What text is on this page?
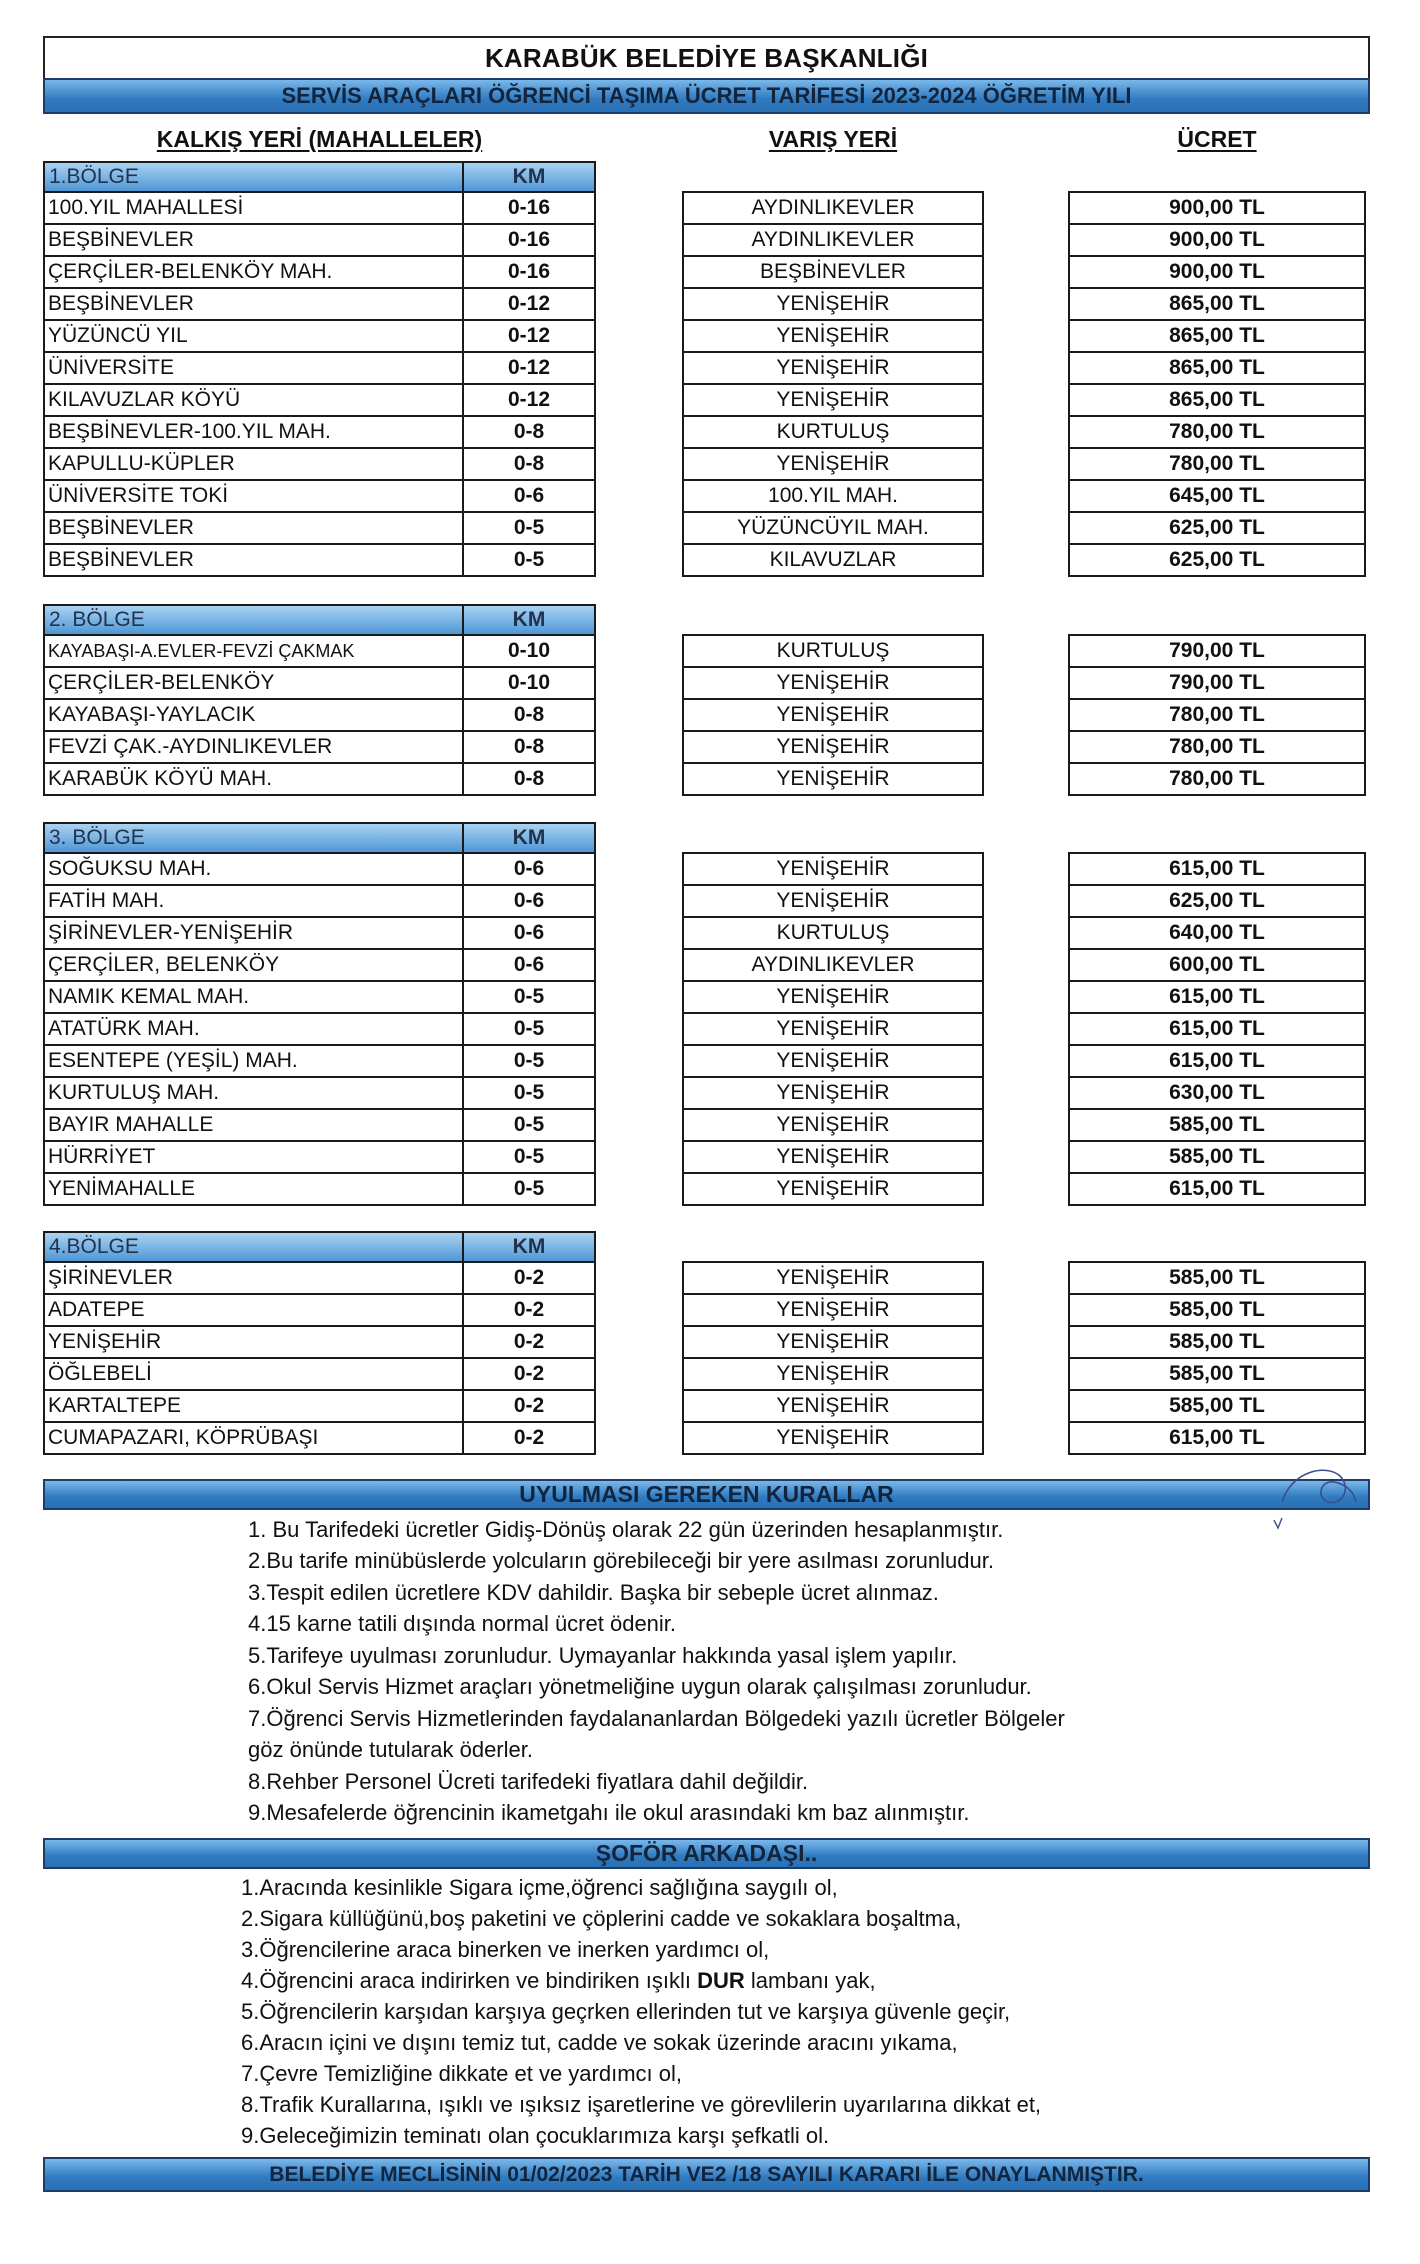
KARABÜK BELEDİYE BAŞKANLIĞI
SERVİS ARAÇLARI ÖĞRENCİ TAŞIMA ÜCRET TARİFESİ 2023-2024 ÖĞRETİM YILI
KALKIŞ YERİ (MAHALLELER)	VARIŞ YERİ	ÜCRET
1.BÖLGE	KM
100.YIL MAHALLESİ	0-16	AYDINLIKEVLER	900,00 TL
BEŞBİNEVLER	0-16	AYDINLIKEVLER	900,00 TL
ÇERÇİLER-BELENKÖY MAH.	0-16	BEŞBİNEVLER	900,00 TL
BEŞBİNEVLER	0-12	YENİŞEHİR	865,00 TL
YÜZÜNCÜ YIL	0-12	YENİŞEHİR	865,00 TL
ÜNİVERSİTE	0-12	YENİŞEHİR	865,00 TL
KILAVUZLAR KÖYÜ	0-12	YENİŞEHİR	865,00 TL
BEŞBİNEVLER-100.YIL MAH.	0-8	KURTULUŞ	780,00 TL
KAPULLU-KÜPLER	0-8	YENİŞEHİR	780,00 TL
ÜNİVERSİTE TOKİ	0-6	100.YIL MAH.	645,00 TL
BEŞBİNEVLER	0-5	YÜZÜNCÜYIL MAH.	625,00 TL
BEŞBİNEVLER	0-5	KILAVUZLAR	625,00 TL
2. BÖLGE	KM
KAYABAŞI-A.EVLER-FEVZİ ÇAKMAK	0-10	KURTULUŞ	790,00 TL
ÇERÇİLER-BELENKÖY	0-10	YENİŞEHİR	790,00 TL
KAYABAŞI-YAYLACIK	0-8	YENİŞEHİR	780,00 TL
FEVZİ ÇAK.-AYDINLIKEVLER	0-8	YENİŞEHİR	780,00 TL
KARABÜK KÖYÜ MAH.	0-8	YENİŞEHİR	780,00 TL
3. BÖLGE	KM
SOĞUKSU MAH.	0-6	YENİŞEHİR	615,00 TL
FATİH MAH.	0-6	YENİŞEHİR	625,00 TL
ŞİRİNEVLER-YENİŞEHİR	0-6	KURTULUŞ	640,00 TL
ÇERÇİLER, BELENKÖY	0-6	AYDINLIKEVLER	600,00 TL
NAMIK KEMAL MAH.	0-5	YENİŞEHİR	615,00 TL
ATATÜRK MAH.	0-5	YENİŞEHİR	615,00 TL
ESENTEPE (YEŞİL) MAH.	0-5	YENİŞEHİR	615,00 TL
KURTULUŞ MAH.	0-5	YENİŞEHİR	630,00 TL
BAYIR MAHALLE	0-5	YENİŞEHİR	585,00 TL
HÜRRİYET	0-5	YENİŞEHİR	585,00 TL
YENİMAHALLE	0-5	YENİŞEHİR	615,00 TL
4.BÖLGE	KM
ŞİRİNEVLER	0-2	YENİŞEHİR	585,00 TL
ADATEPE	0-2	YENİŞEHİR	585,00 TL
YENİŞEHİR	0-2	YENİŞEHİR	585,00 TL
ÖĞLEBELİ	0-2	YENİŞEHİR	585,00 TL
KARTALTEPE	0-2	YENİŞEHİR	585,00 TL
CUMAPAZARI, KÖPRÜBAŞI	0-2	YENİŞEHİR	615,00 TL
UYULMASI GEREKEN KURALLAR
1. Bu Tarifedeki ücretler Gidiş-Dönüş olarak 22 gün üzerinden hesaplanmıştır.
2.Bu tarife minübüslerde yolcuların görebileceği bir yere asılması zorunludur.
3.Tespit edilen ücretlere KDV dahildir. Başka bir sebeple ücret alınmaz.
4.15 karne tatili dışında normal ücret ödenir.
5.Tarifeye uyulması zorunludur. Uymayanlar hakkında yasal işlem yapılır.
6.Okul Servis Hizmet araçları yönetmeliğine uygun olarak çalışılması zorunludur.
7.Öğrenci Servis Hizmetlerinden faydalananlardan Bölgedeki yazılı ücretler Bölgeler
göz önünde tutularak öderler.
8.Rehber Personel Ücreti tarifedeki fiyatlara dahil değildir.
9.Mesafelerde öğrencinin ikametgahı ile okul arasındaki km baz alınmıştır.
ŞOFÖR ARKADAŞI..
1.Aracında kesinlikle Sigara içme,öğrenci sağlığına saygılı ol,
2.Sigara küllüğünü,boş paketini ve çöplerini cadde ve sokaklara boşaltma,
3.Öğrencilerine araca binerken ve inerken yardımcı ol,
4.Öğrencini araca indirirken ve bindiriken ışıklı DUR lambanı yak,
5.Öğrencilerin karşıdan karşıya geçrken ellerinden tut ve karşıya güvenle geçir,
6.Aracın içini ve dışını temiz tut, cadde ve sokak üzerinde aracını yıkama,
7.Çevre Temizliğine dikkate et ve yardımcı ol,
8.Trafik Kurallarına, ışıklı ve ışıksız işaretlerine ve görevlilerin uyarılarına dikkat et,
9.Geleceğimizin teminatı olan çocuklarımıza karşı şefkatli ol.
BELEDİYE MECLİSİNİN 01/02/2023 TARİH VE2 /18 SAYILI KARARI İLE ONAYLANMIŞTIR.
